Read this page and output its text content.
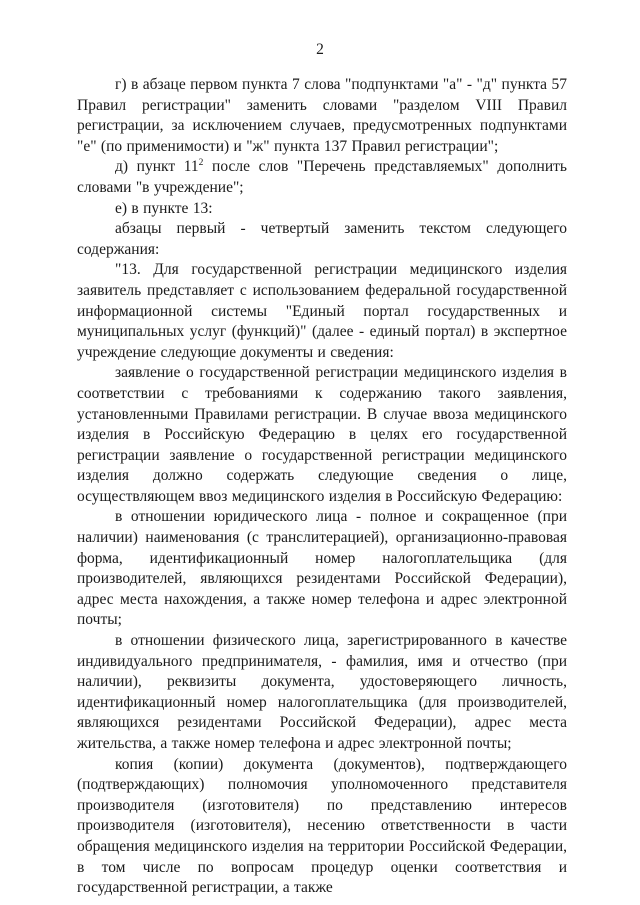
2

г) в абзаце первом пункта 7 слова "подпунктами "а" - "д" пункта 57 Правил регистрации" заменить словами "разделом VIII Правил регистрации, за исключением случаев, предусмотренных подпунктами "е" (по применимости) и "ж" пункта 137 Правил регистрации";

д) пункт $11^2$ после слов "Перечень представляемых" дополнить словами "в учреждение";

е) в пункте 13:

абзацы первый - четвертый заменить текстом следующего содержания:

"13. Для государственной регистрации медицинского изделия заявитель представляет с использованием федеральной государственной информационной системы "Единый портал государственных и муниципальных услуг (функций)" (далее - единый портал) в экспертное учреждение следующие документы и сведения:

заявление о государственной регистрации медицинского изделия в соответствии с требованиями к содержанию такого заявления, установленными Правилами регистрации. В случае ввоза медицинского изделия в Российскую Федерацию в целях его государственной регистрации заявление о государственной регистрации медицинского изделия должно содержать следующие сведения о лице, осуществляющем ввоз медицинского изделия в Российскую Федерацию:

в отношении юридического лица - полное и сокращенное (при наличии) наименования (с транслитерацией), организационно-правовая форма, идентификационный номер налогоплательщика (для производителей, являющихся резидентами Российской Федерации), адрес места нахождения, а также номер телефона и адрес электронной почты;

в отношении физического лица, зарегистрированного в качестве индивидуального предпринимателя, - фамилия, имя и отчество (при наличии), реквизиты документа, удостоверяющего личность, идентификационный номер налогоплательщика (для производителей, являющихся резидентами Российской Федерации), адрес места жительства, а также номер телефона и адрес электронной почты;

копия (копии) документа (документов), подтверждающего (подтверждающих) полномочия уполномоченного представителя производителя (изготовителя) по представлению интересов производителя (изготовителя), несению ответственности в части обращения медицинского изделия на территории Российской Федерации, в том числе по вопросам процедур оценки соответствия и государственной регистрации, а также
